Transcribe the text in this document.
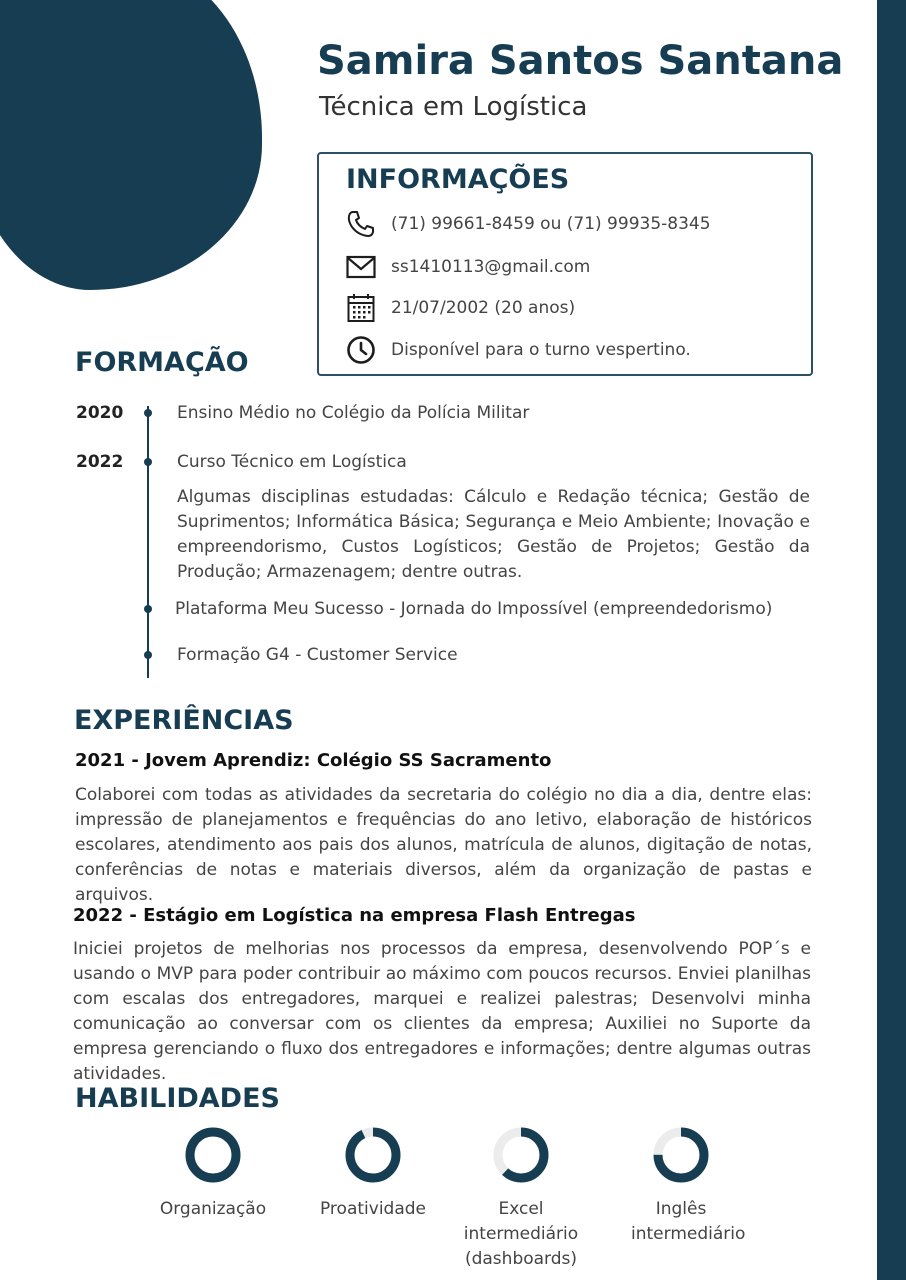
Samira Santos Santana
Técnica em Logística
INFORMAÇÕES
(71) 99661-8459 ou (71) 99935-8345
ss1410113@gmail.com
21/07/2002 (20 anos)
Disponível para o turno vespertino.
FORMAÇÃO
2020	Ensino Médio no Colégio da Polícia Militar
2022	Curso Técnico em Logística
Algumas disciplinas estudadas: Cálculo e Redação técnica; Gestão de Suprimentos; Informática Básica; Segurança e Meio Ambiente; Inovação e empreendorismo, Custos Logísticos; Gestão de Projetos; Gestão da Produção; Armazenagem; dentre outras.
Plataforma Meu Sucesso - Jornada do Impossível (empreendedorismo)
Formação G4 - Customer Service
EXPERIÊNCIAS
2021 - Jovem Aprendiz: Colégio SS Sacramento
Colaborei com todas as atividades da secretaria do colégio no dia a dia, dentre elas: impressão de planejamentos e frequências do ano letivo, elaboração de históricos escolares, atendimento aos pais dos alunos, matrícula de alunos, digitação de notas, conferências de notas e materiais diversos, além da organização de pastas e arquivos.
2022 - Estágio em Logística na empresa Flash Entregas
Iniciei projetos de melhorias nos processos da empresa, desenvolvendo POP´s e usando o MVP para poder contribuir ao máximo com poucos recursos. Enviei planilhas com escalas dos entregadores, marquei e realizei palestras; Desenvolvi minha comunicação ao conversar com os clientes da empresa; Auxiliei no Suporte da empresa gerenciando o fluxo dos entregadores e informações; dentre algumas outras atividades.
HABILIDADES
Organização	Proatividade	Excel intermediário (dashboards)
Inglês intermediário
